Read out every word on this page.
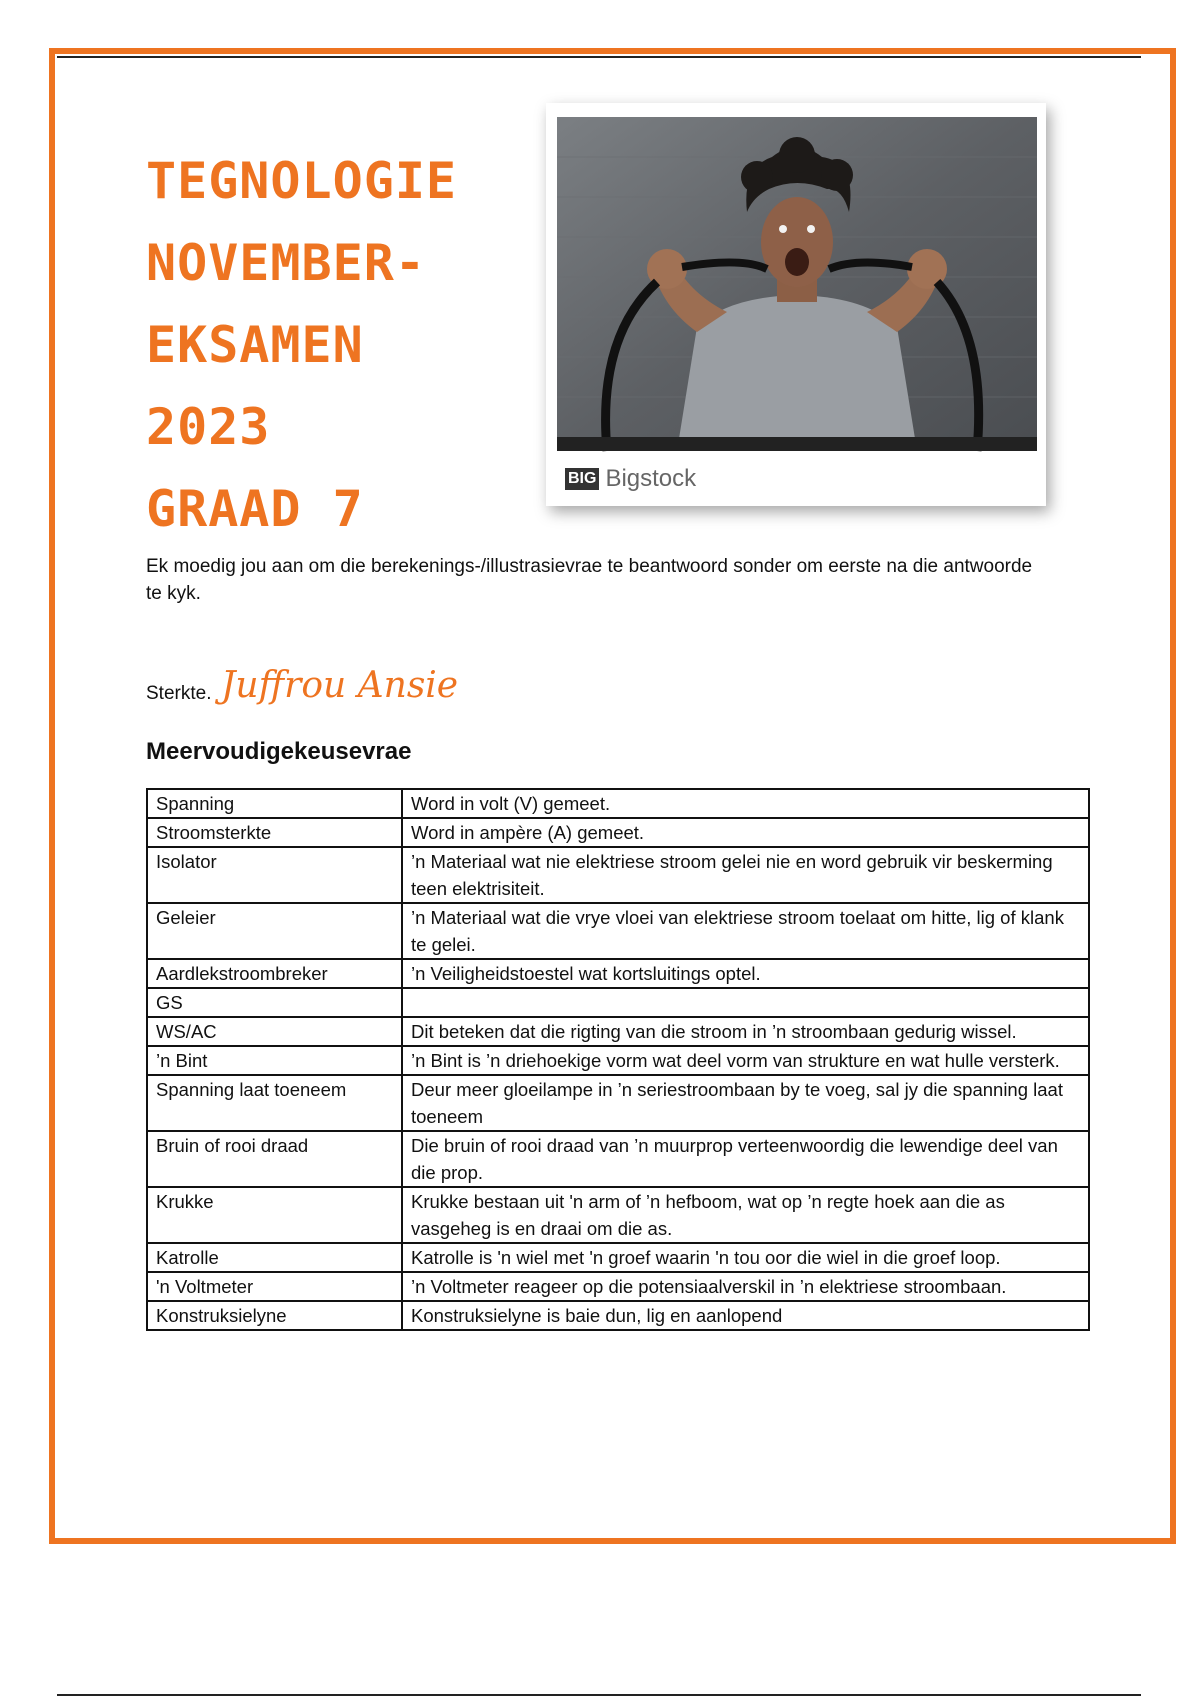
TEGNOLOGIE
NOVEMBER-
EKSAMEN
2023
GRAAD 7
BIG Bigstock

Ek moedig jou aan om die berekenings-/illustrasievrae te beantwoord sonder om eerste na die antwoorde te kyk.

Sterkte. Juffrou Ansie
Meervoudigekeusevrae
Spanning	Word in volt (V) gemeet.
Stroomsterkte	Word in ampère (A) gemeet.
Isolator	’n Materiaal wat nie elektriese stroom gelei nie en word gebruik vir beskerming teen elektrisiteit.
Geleier	’n Materiaal wat die vrye vloei van elektriese stroom toelaat om hitte, lig of klank te gelei.
Aardlekstroombreker	’n Veiligheidstoestel wat kortsluitings optel.
GS	
WS/AC	Dit beteken dat die rigting van die stroom in ’n stroombaan gedurig wissel.
’n Bint	’n Bint is ’n driehoekige vorm wat deel vorm van strukture en wat hulle versterk.
Spanning laat toeneem	Deur meer gloeilampe in ’n seriestroombaan by te voeg, sal jy die spanning laat toeneem
Bruin of rooi draad	Die bruin of rooi draad van ’n muurprop verteenwoordig die lewendige deel van die prop.
Krukke	Krukke bestaan uit 'n arm of ’n hefboom, wat op ’n regte hoek aan die as vasgeheg is en draai om die as.
Katrolle	Katrolle is 'n wiel met 'n groef waarin 'n tou oor die wiel in die groef loop.
'n Voltmeter	’n Voltmeter reageer op die potensiaalverskil in ’n elektriese stroombaan.
Konstruksielyne	Konstruksielyne is baie dun, lig en aanlopend
